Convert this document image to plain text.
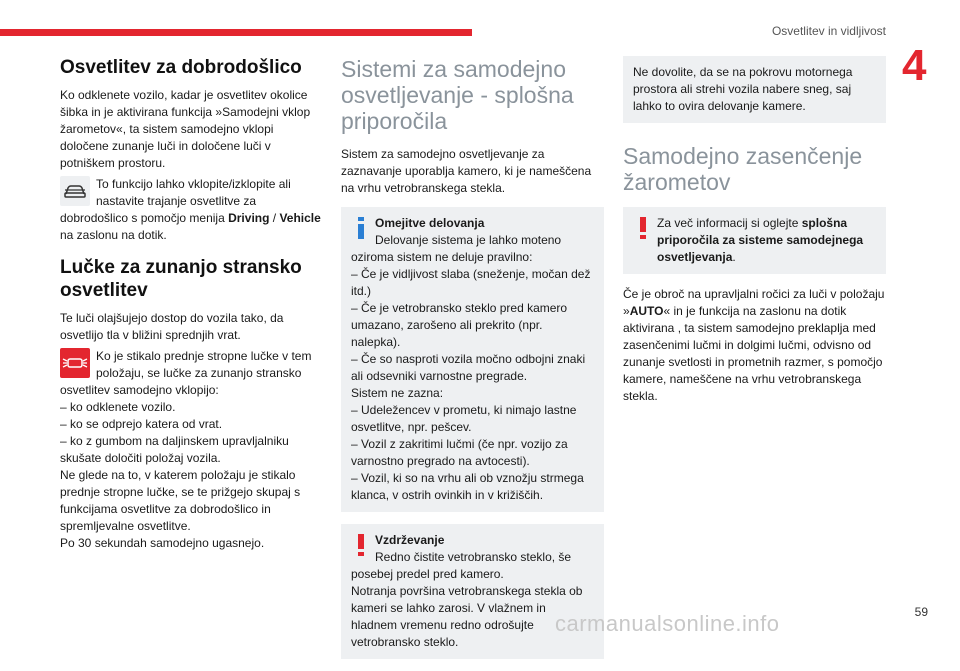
Osvetlitev in vidljivost
4
Osvetlitev za dobrodošlico

Ko odklenete vozilo, kadar je osvetlitev okolice šibka in je aktivirana funkcija »Samodejni vklop žarometov«, ta sistem samodejno vklopi določene zunanje luči in določene luči v potniškem prostoru.

To funkcijo lahko vklopite/izklopite ali nastavite trajanje osvetlitve za

dobrodošlico s pomočjo menija Driving / Vehicle na zaslonu na dotik.

Lučke za zunanjo stransko osvetlitev

Te luči olajšujejo dostop do vozila tako, da osvetlijo tla v bližini sprednjih vrat.

Ko je stikalo prednje stropne lučke v tem položaju, se lučke za zunanjo stransko

osvetlitev samodejno vklopijo:

– ko odklenete vozilo.

– ko se odprejo katera od vrat.

– ko z gumbom na daljinskem upravljalniku skušate določiti položaj vozila.

Ne glede na to, v katerem položaju je stikalo prednje stropne lučke, se te prižgejo skupaj s funkcijama osvetlitve za dobrodošlico in spremljevalne osvetlitve.

Po 30 sekundah samodejno ugasnejo.

Sistemi za samodejno osvetljevanje - splošna priporočila

Sistem za samodejno osvetljevanje za zaznavanje uporablja kamero, ki je nameščena na vrhu vetrobranskega stekla.

Omejitve delovanja

Delovanje sistema je lahko moteno

oziroma sistem ne deluje pravilno:

– Če je vidljivost slaba (sneženje, močan dež itd.)

– Če je vetrobransko steklo pred kamero umazano, zarošeno ali prekrito (npr. nalepka).

– Če so nasproti vozila močno odbojni znaki ali odsevniki varnostne pregrade.

Sistem ne zazna:

– Udeležencev v prometu, ki nimajo lastne osvetlitve, npr. pešcev.

– Vozil z zakritimi lučmi (če npr. vozijo za varnostno pregrado na avtocesti).

– Vozil, ki so na vrhu ali ob vznožju strmega klanca, v ostrih ovinkih in v križiščih.

Vzdrževanje

Redno čistite vetrobransko steklo, še

posebej predel pred kamero.

Notranja površina vetrobranskega stekla ob kameri se lahko zarosi. V vlažnem in hladnem vremenu redno odrošujte vetrobransko steklo.

Ne dovolite, da se na pokrovu motornega prostora ali strehi vozila nabere sneg, saj lahko to ovira delovanje kamere.

Samodejno zasenčenje žarometov

Za več informacij si oglejte splošna priporočila za sisteme samodejnega osvetljevanja.

Če je obroč na upravljalni ročici za luči v položaju »AUTO« in je funkcija na zaslonu na dotik aktivirana , ta sistem samodejno preklaplja med zasenčenimi lučmi in dolgimi lučmi, odvisno od zunanje svetlosti in prometnih razmer, s pomočjo kamere, nameščene na vrhu vetrobranskega stekla.

carmanualsonline.info	59
